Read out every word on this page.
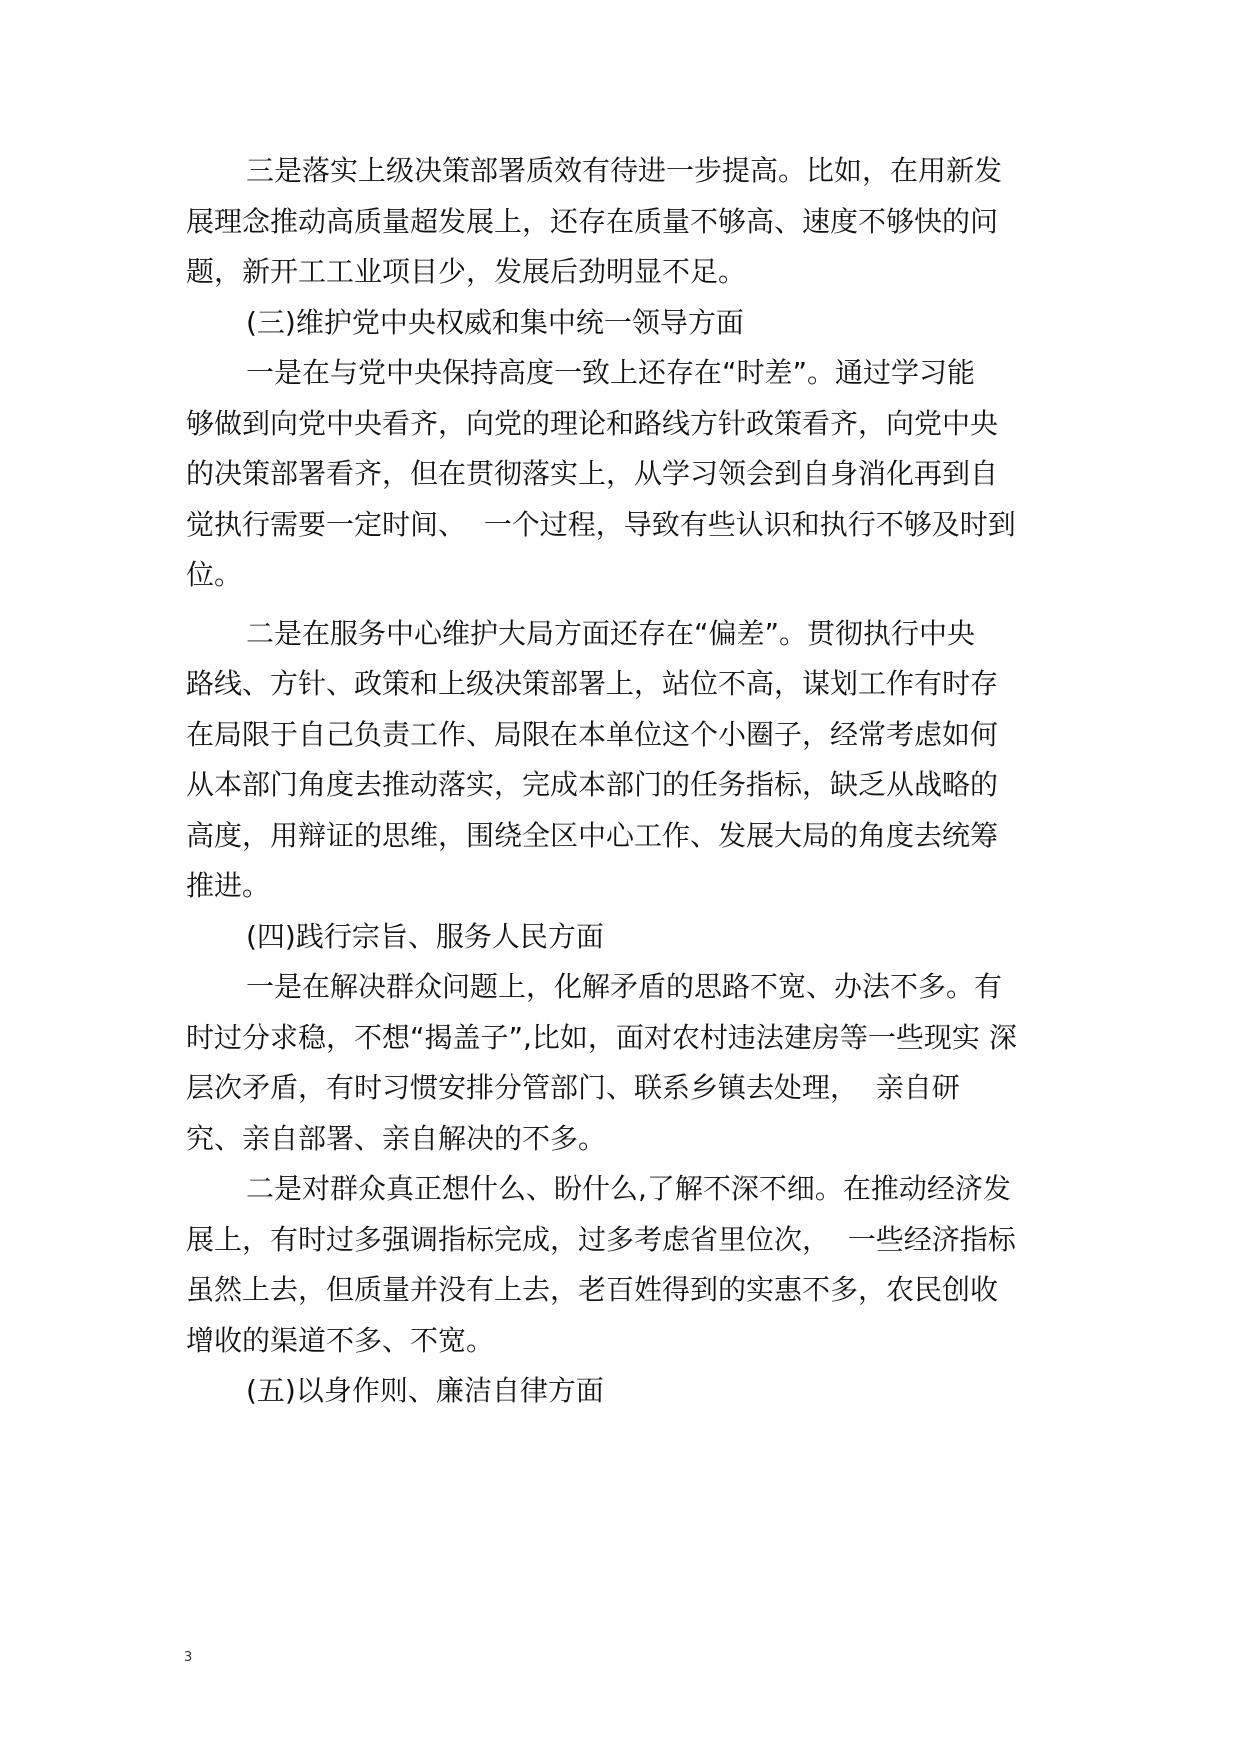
三是落实上级决策部署质效有待进一步提高。比如，在用新发
展理念推动高质量超发展上，还存在质量不够高、速度不够快的问
题，新开工工业项目少，发展后劲明显不足。
(三)维护党中央权威和集中统一领导方面
一是在与党中央保持高度一致上还存在“时差”。通过学习能
够做到向党中央看齐，向党的理论和路线方针政策看齐，向党中央
的决策部署看齐，但在贯彻落实上，从学习领会到自身消化再到自
觉执行需要一定时间、  一个过程，导致有些认识和执行不够及时到
位。
二是在服务中心维护大局方面还存在“偏差”。贯彻执行中央
路线、方针、政策和上级决策部署上，站位不高，谋划工作有时存
在局限于自己负责工作、局限在本单位这个小圈子，经常考虑如何
从本部门角度去推动落实，完成本部门的任务指标，缺乏从战略的
高度，用辩证的思维，围绕全区中心工作、发展大局的角度去统筹
推进。
(四)践行宗旨、服务人民方面
一是在解决群众问题上，化解矛盾的思路不宽、办法不多。有
时过分求稳，不想“揭盖子”,比如，面对农村违法建房等一些现实 深
层次矛盾，有时习惯安排分管部门、联系乡镇去处理，  亲自研
究、亲自部署、亲自解决的不多。
二是对群众真正想什么、盼什么,了解不深不细。在推动经济发
展上，有时过多强调指标完成，过多考虑省里位次，  一些经济指标
虽然上去，但质量并没有上去，老百姓得到的实惠不多，农民创收
增收的渠道不多、不宽。
(五)以身作则、廉洁自律方面
3
